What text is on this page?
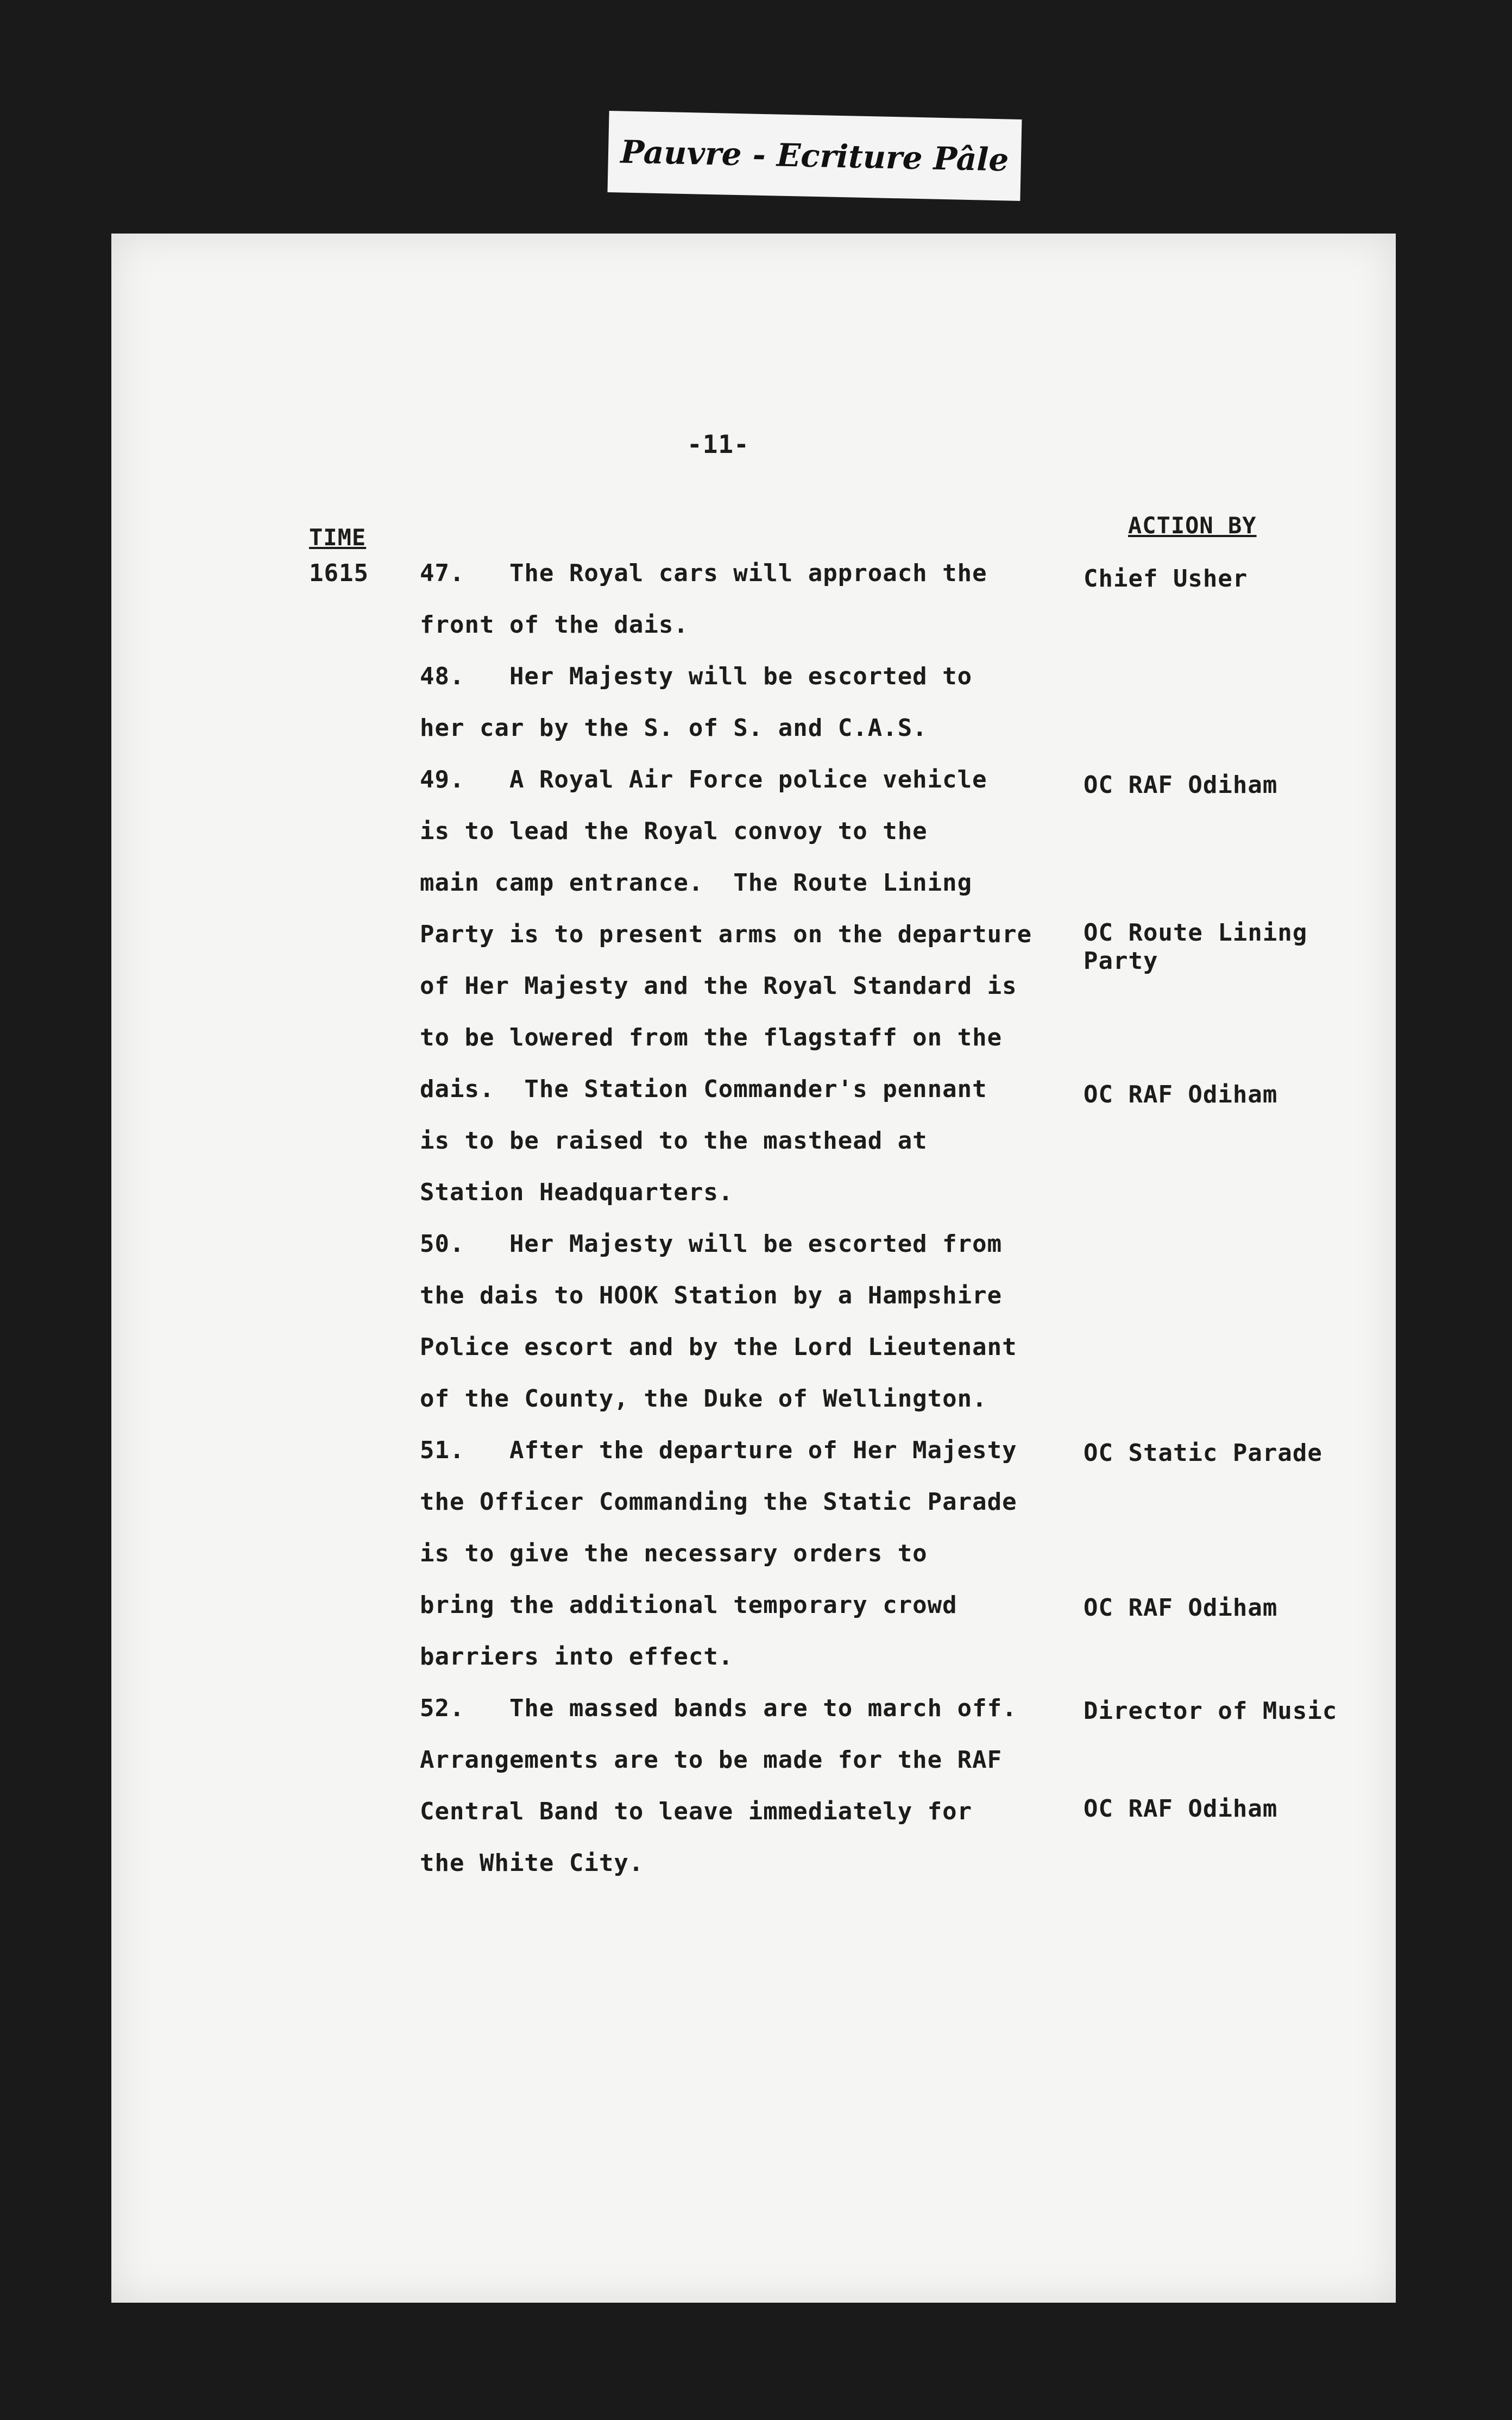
Pauvre - Ecriture Pâle
-11-
TIME	ACTION BY
1615 47.   The Royal cars will approach the
front of the dais.
48.   Her Majesty will be escorted to
her car by the S. of S. and C.A.S.
49.   A Royal Air Force police vehicle
is to lead the Royal convoy to the
main camp entrance.  The Route Lining
Party is to present arms on the departure
of Her Majesty and the Royal Standard is
to be lowered from the flagstaff on the
dais.  The Station Commander's pennant
is to be raised to the masthead at
Station Headquarters.
50.   Her Majesty will be escorted from
the dais to HOOK Station by a Hampshire
Police escort and by the Lord Lieutenant
of the County, the Duke of Wellington.
51.   After the departure of Her Majesty
the Officer Commanding the Static Parade
is to give the necessary orders to
bring the additional temporary crowd
barriers into effect.
52.   The massed bands are to march off.
Arrangements are to be made for the RAF
Central Band to leave immediately for
the White City.
Chief Usher
OC RAF Odiham
OC Route Lining
Party
OC RAF Odiham
OC Static Parade
OC RAF Odiham
Director of Music
OC RAF Odiham
